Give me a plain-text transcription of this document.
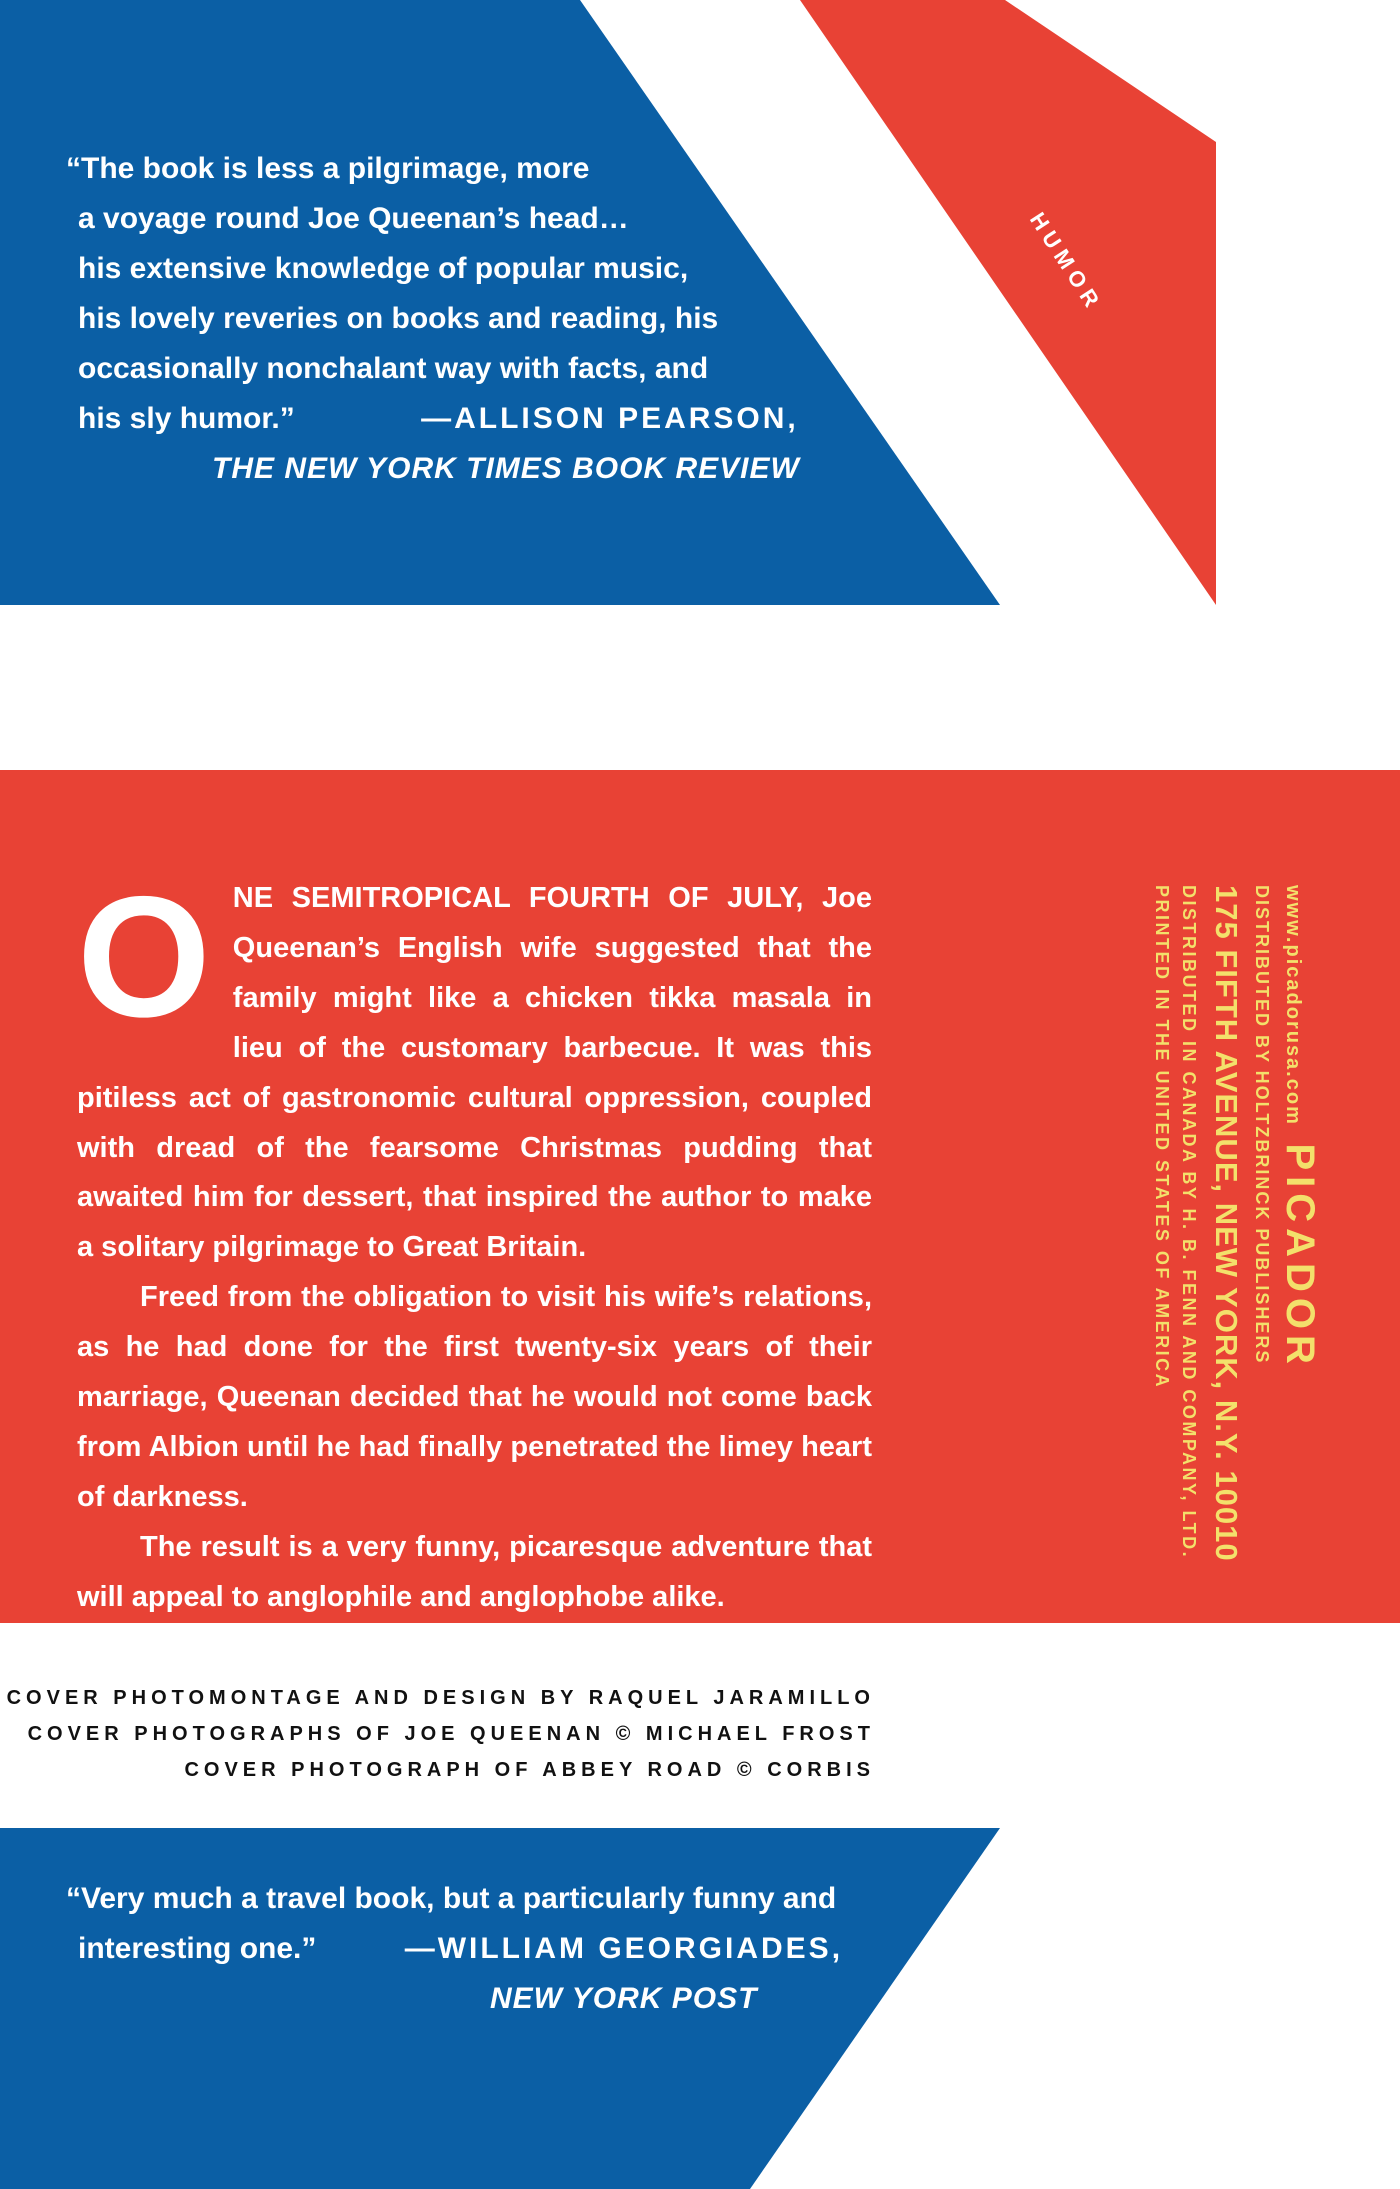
HUMOR
“The book is less a pilgrimage, more
a voyage round Joe Queenan’s head…
his extensive knowledge of popular music,
his lovely reveries on books and reading, his
occasionally nonchalant way with facts, and
his sly humor.”	—ALLISON PEARSON,
THE NEW YORK TIMES BOOK REVIEW

ONE SEMITROPICAL FOURTH OF JULY, Joe Queenan’s English wife suggested that the family might like a chicken tikka masala in lieu of the customary barbecue. It was this pitiless act of gastronomic cultural oppression, coupled with dread of the fearsome Christmas pudding that awaited him for dessert, that inspired the author to make a solitary pilgrimage to Great Britain.

Freed from the obligation to visit his wife’s relations, as he had done for the first twenty-six years of their marriage, Queenan decided that he would not come back from Albion until he had finally penetrated the limey heart of darkness.

The result is a very funny, picaresque adventure that will appeal to anglophile and anglophobe alike.

www.picadorusa.com PICADOR
DISTRIBUTED BY HOLTZBRINCK PUBLISHERS
175 FIFTH AVENUE, NEW YORK, N.Y. 10010
DISTRIBUTED IN CANADA BY H. B. FENN AND COMPANY, LTD.
PRINTED IN THE UNITED STATES OF AMERICA
COVER PHOTOMONTAGE AND DESIGN BY RAQUEL JARAMILLO
COVER PHOTOGRAPHS OF JOE QUEENAN © MICHAEL FROST
COVER PHOTOGRAPH OF ABBEY ROAD © CORBIS
“Very much a travel book, but a particularly funny and
interesting one.”	—WILLIAM GEORGIADES,
NEW YORK POST
